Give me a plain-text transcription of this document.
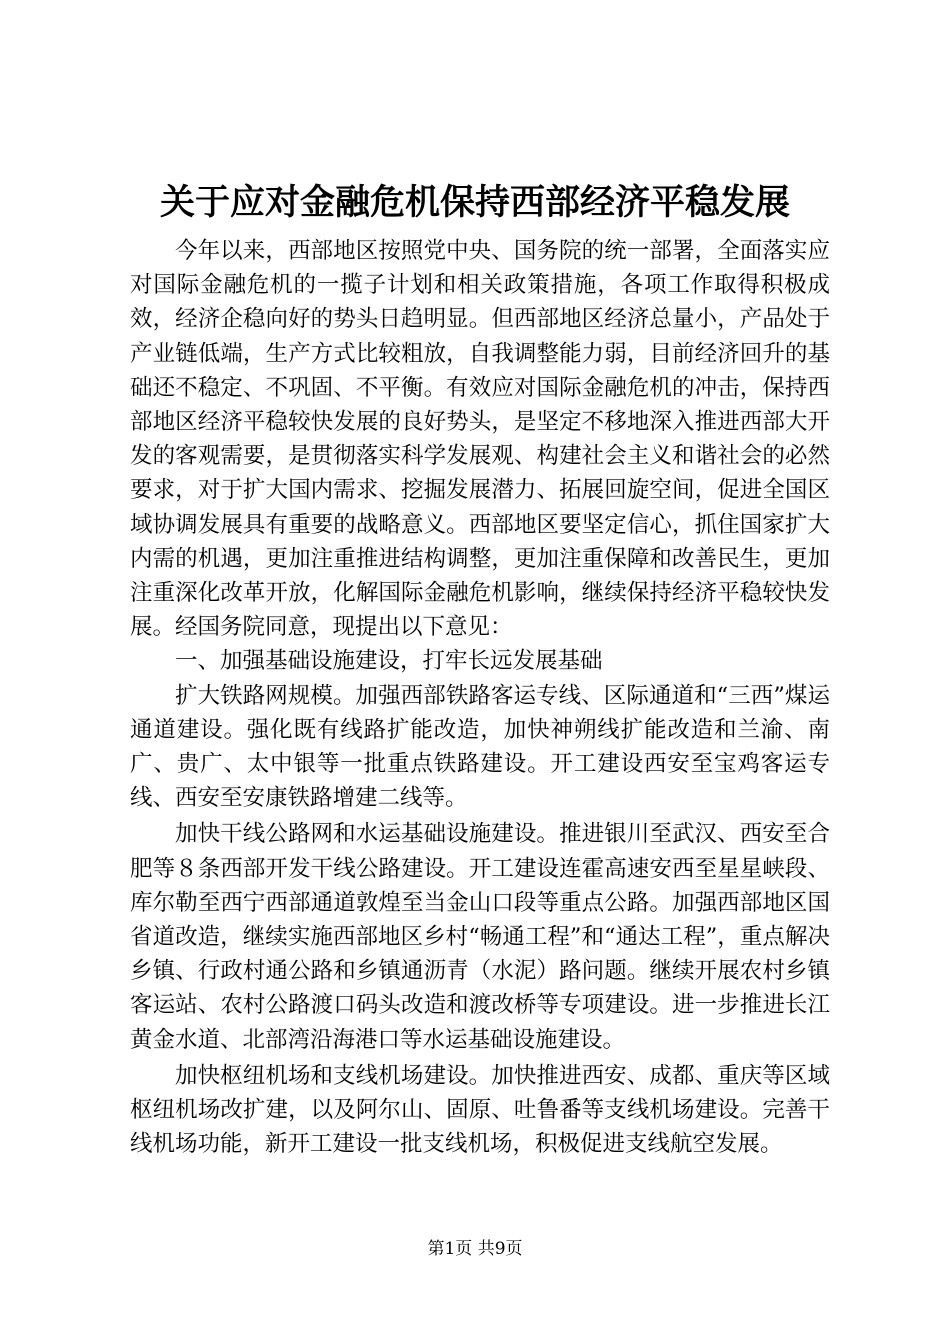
关于应对金融危机保持西部经济平稳发展

今年以来，西部地区按照党中央、国务院的统一部署，全面落实应对国际金融危机的一揽子计划和相关政策措施，各项工作取得积极成效，经济企稳向好的势头日趋明显。但西部地区经济总量小，产品处于产业链低端，生产方式比较粗放，自我调整能力弱，目前经济回升的基础还不稳定、不巩固、不平衡。有效应对国际金融危机的冲击，保持西部地区经济平稳较快发展的良好势头，是坚定不移地深入推进西部大开发的客观需要，是贯彻落实科学发展观、构建社会主义和谐社会的必然要求，对于扩大国内需求、挖掘发展潜力、拓展回旋空间，促进全国区域协调发展具有重要的战略意义。西部地区要坚定信心，抓住国家扩大内需的机遇，更加注重推进结构调整，更加注重保障和改善民生，更加注重深化改革开放，化解国际金融危机影响，继续保持经济平稳较快发展。经国务院同意，现提出以下意见：

一、加强基础设施建设，打牢长远发展基础

扩大铁路网规模。加强西部铁路客运专线、区际通道和“三西”煤运通道建设。强化既有线路扩能改造，加快神朔线扩能改造和兰渝、南广、贵广、太中银等一批重点铁路建设。开工建设西安至宝鸡客运专线、西安至安康铁路增建二线等。

加快干线公路网和水运基础设施建设。推进银川至武汉、西安至合肥等８条西部开发干线公路建设。开工建设连霍高速安西至星星峡段、库尔勒至西宁西部通道敦煌至当金山口段等重点公路。加强西部地区国省道改造，继续实施西部地区乡村“畅通工程”和“通达工程”，重点解决乡镇、行政村通公路和乡镇通沥青（水泥）路问题。继续开展农村乡镇客运站、农村公路渡口码头改造和渡改桥等专项建设。进一步推进长江黄金水道、北部湾沿海港口等水运基础设施建设。

加快枢纽机场和支线机场建设。加快推进西安、成都、重庆等区域枢纽机场改扩建，以及阿尔山、固原、吐鲁番等支线机场建设。完善干线机场功能，新开工建设一批支线机场，积极促进支线航空发展。

第1页 共9页
